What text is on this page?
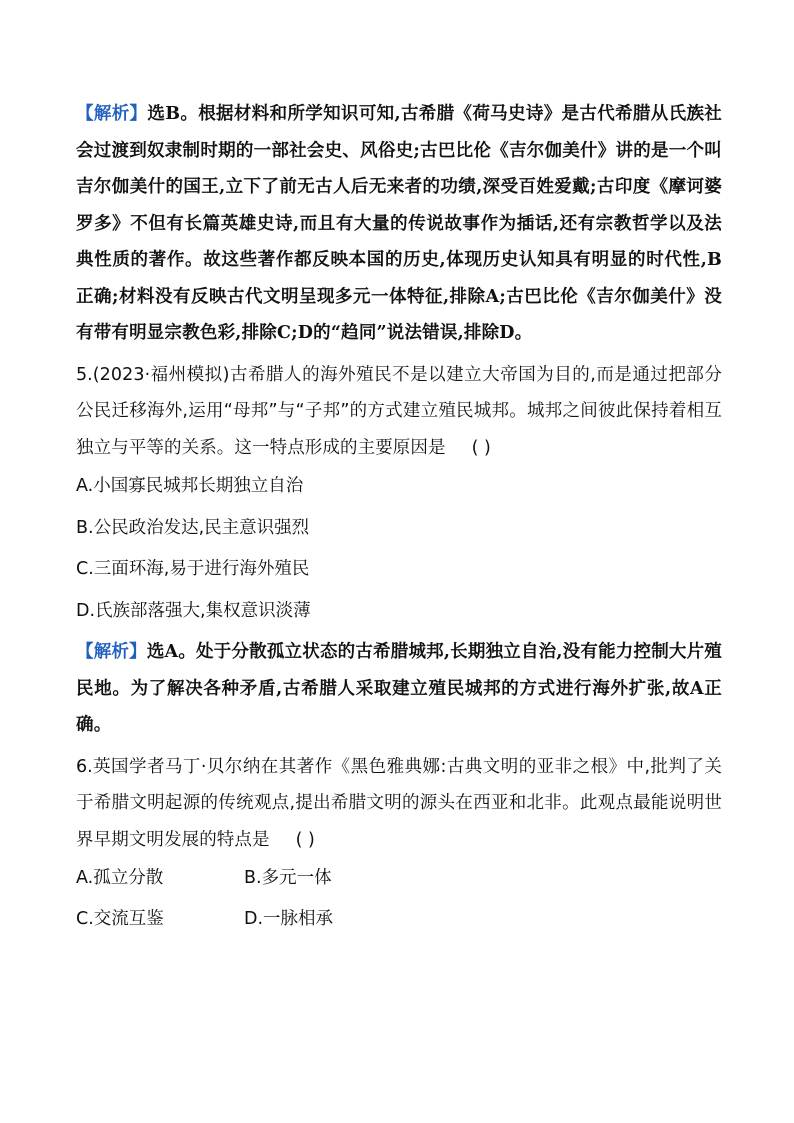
【解析】选B。根据材料和所学知识可知,古希腊《荷马史诗》是古代希腊从氏族社会过渡到奴隶制时期的一部社会史、风俗史;古巴比伦《吉尔伽美什》讲的是一个叫吉尔伽美什的国王,立下了前无古人后无来者的功绩,深受百姓爱戴;古印度《摩诃婆罗多》不但有长篇英雄史诗,而且有大量的传说故事作为插话,还有宗教哲学以及法典性质的著作。故这些著作都反映本国的历史,体现历史认知具有明显的时代性,B正确;材料没有反映古代文明呈现多元一体特征,排除A;古巴比伦《吉尔伽美什》没有带有明显宗教色彩,排除C;D的“趋同”说法错误,排除D。

5.(2023·福州模拟)古希腊人的海外殖民不是以建立大帝国为目的,而是通过把部分公民迁移海外,运用“母邦”与“子邦”的方式建立殖民城邦。城邦之间彼此保持着相互独立与平等的关系。这一特点形成的主要原因是 ( )

A.小国寡民城邦长期独立自治
B.公民政治发达,民主意识强烈
C.三面环海,易于进行海外殖民
D.氏族部落强大,集权意识淡薄

【解析】选A。处于分散孤立状态的古希腊城邦,长期独立自治,没有能力控制大片殖民地。为了解决各种矛盾,古希腊人采取建立殖民城邦的方式进行海外扩张,故A正确。

6.英国学者马丁·贝尔纳在其著作《黑色雅典娜:古典文明的亚非之根》中,批判了关于希腊文明起源的传统观点,提出希腊文明的源头在西亚和北非。此观点最能说明世界早期文明发展的特点是 ( )

A.孤立分散	B.多元一体
C.交流互鉴	D.一脉相承
